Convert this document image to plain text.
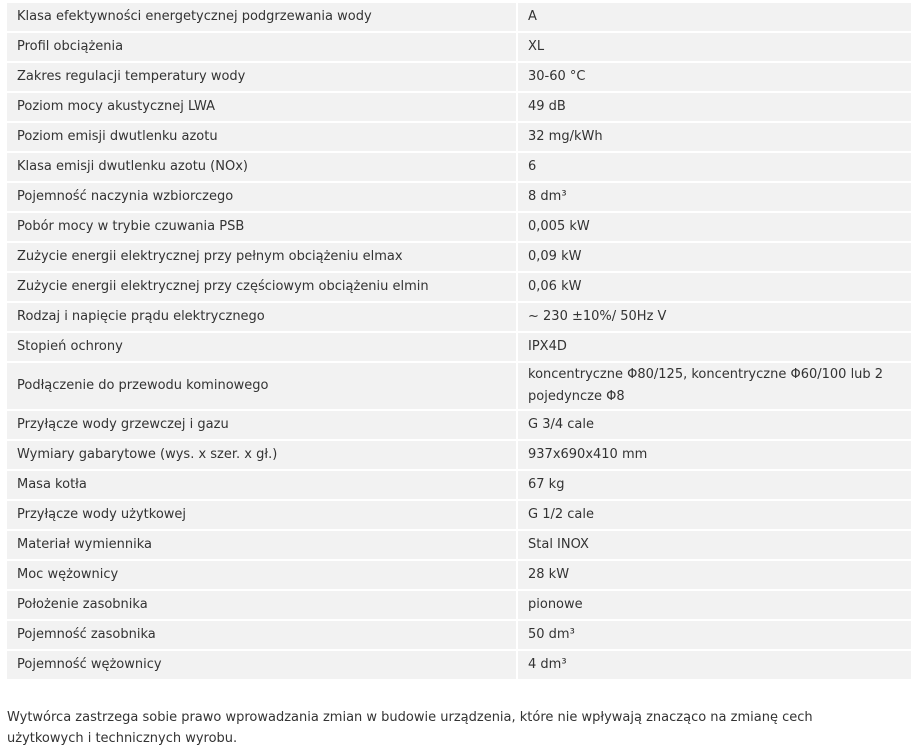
Klasa efektywności energetycznej podgrzewania wody	A
Profil obciążenia	XL
Zakres regulacji temperatury wody	30-60 °C
Poziom mocy akustycznej LWA	49 dB
Poziom emisji dwutlenku azotu	32 mg/kWh
Klasa emisji dwutlenku azotu (NOx)	6
Pojemność naczynia wzbiorczego	8 dm³
Pobór mocy w trybie czuwania PSB	0,005 kW
Zużycie energii elektrycznej przy pełnym obciążeniu elmax	0,09 kW
Zużycie energii elektrycznej przy częściowym obciążeniu elmin	0,06 kW
Rodzaj i napięcie prądu elektrycznego	~ 230 ±10%/ 50Hz V
Stopień ochrony	IPX4D
Podłączenie do przewodu kominowego	koncentryczne Φ80/125, koncentryczne Φ60/100 lub 2 pojedyncze Φ8
Przyłącze wody grzewczej i gazu	G 3/4 cale
Wymiary gabarytowe (wys. x szer. x gł.)	937x690x410 mm
Masa kotła	67 kg
Przyłącze wody użytkowej	G 1/2 cale
Materiał wymiennika	Stal INOX
Moc wężownicy	28 kW
Położenie zasobnika	pionowe
Pojemność zasobnika	50 dm³
Pojemność wężownicy	4 dm³

Wytwórca zastrzega sobie prawo wprowadzania zmian w budowie urządzenia, które nie wpływają znacząco na zmianę cech użytkowych i technicznych wyrobu.
